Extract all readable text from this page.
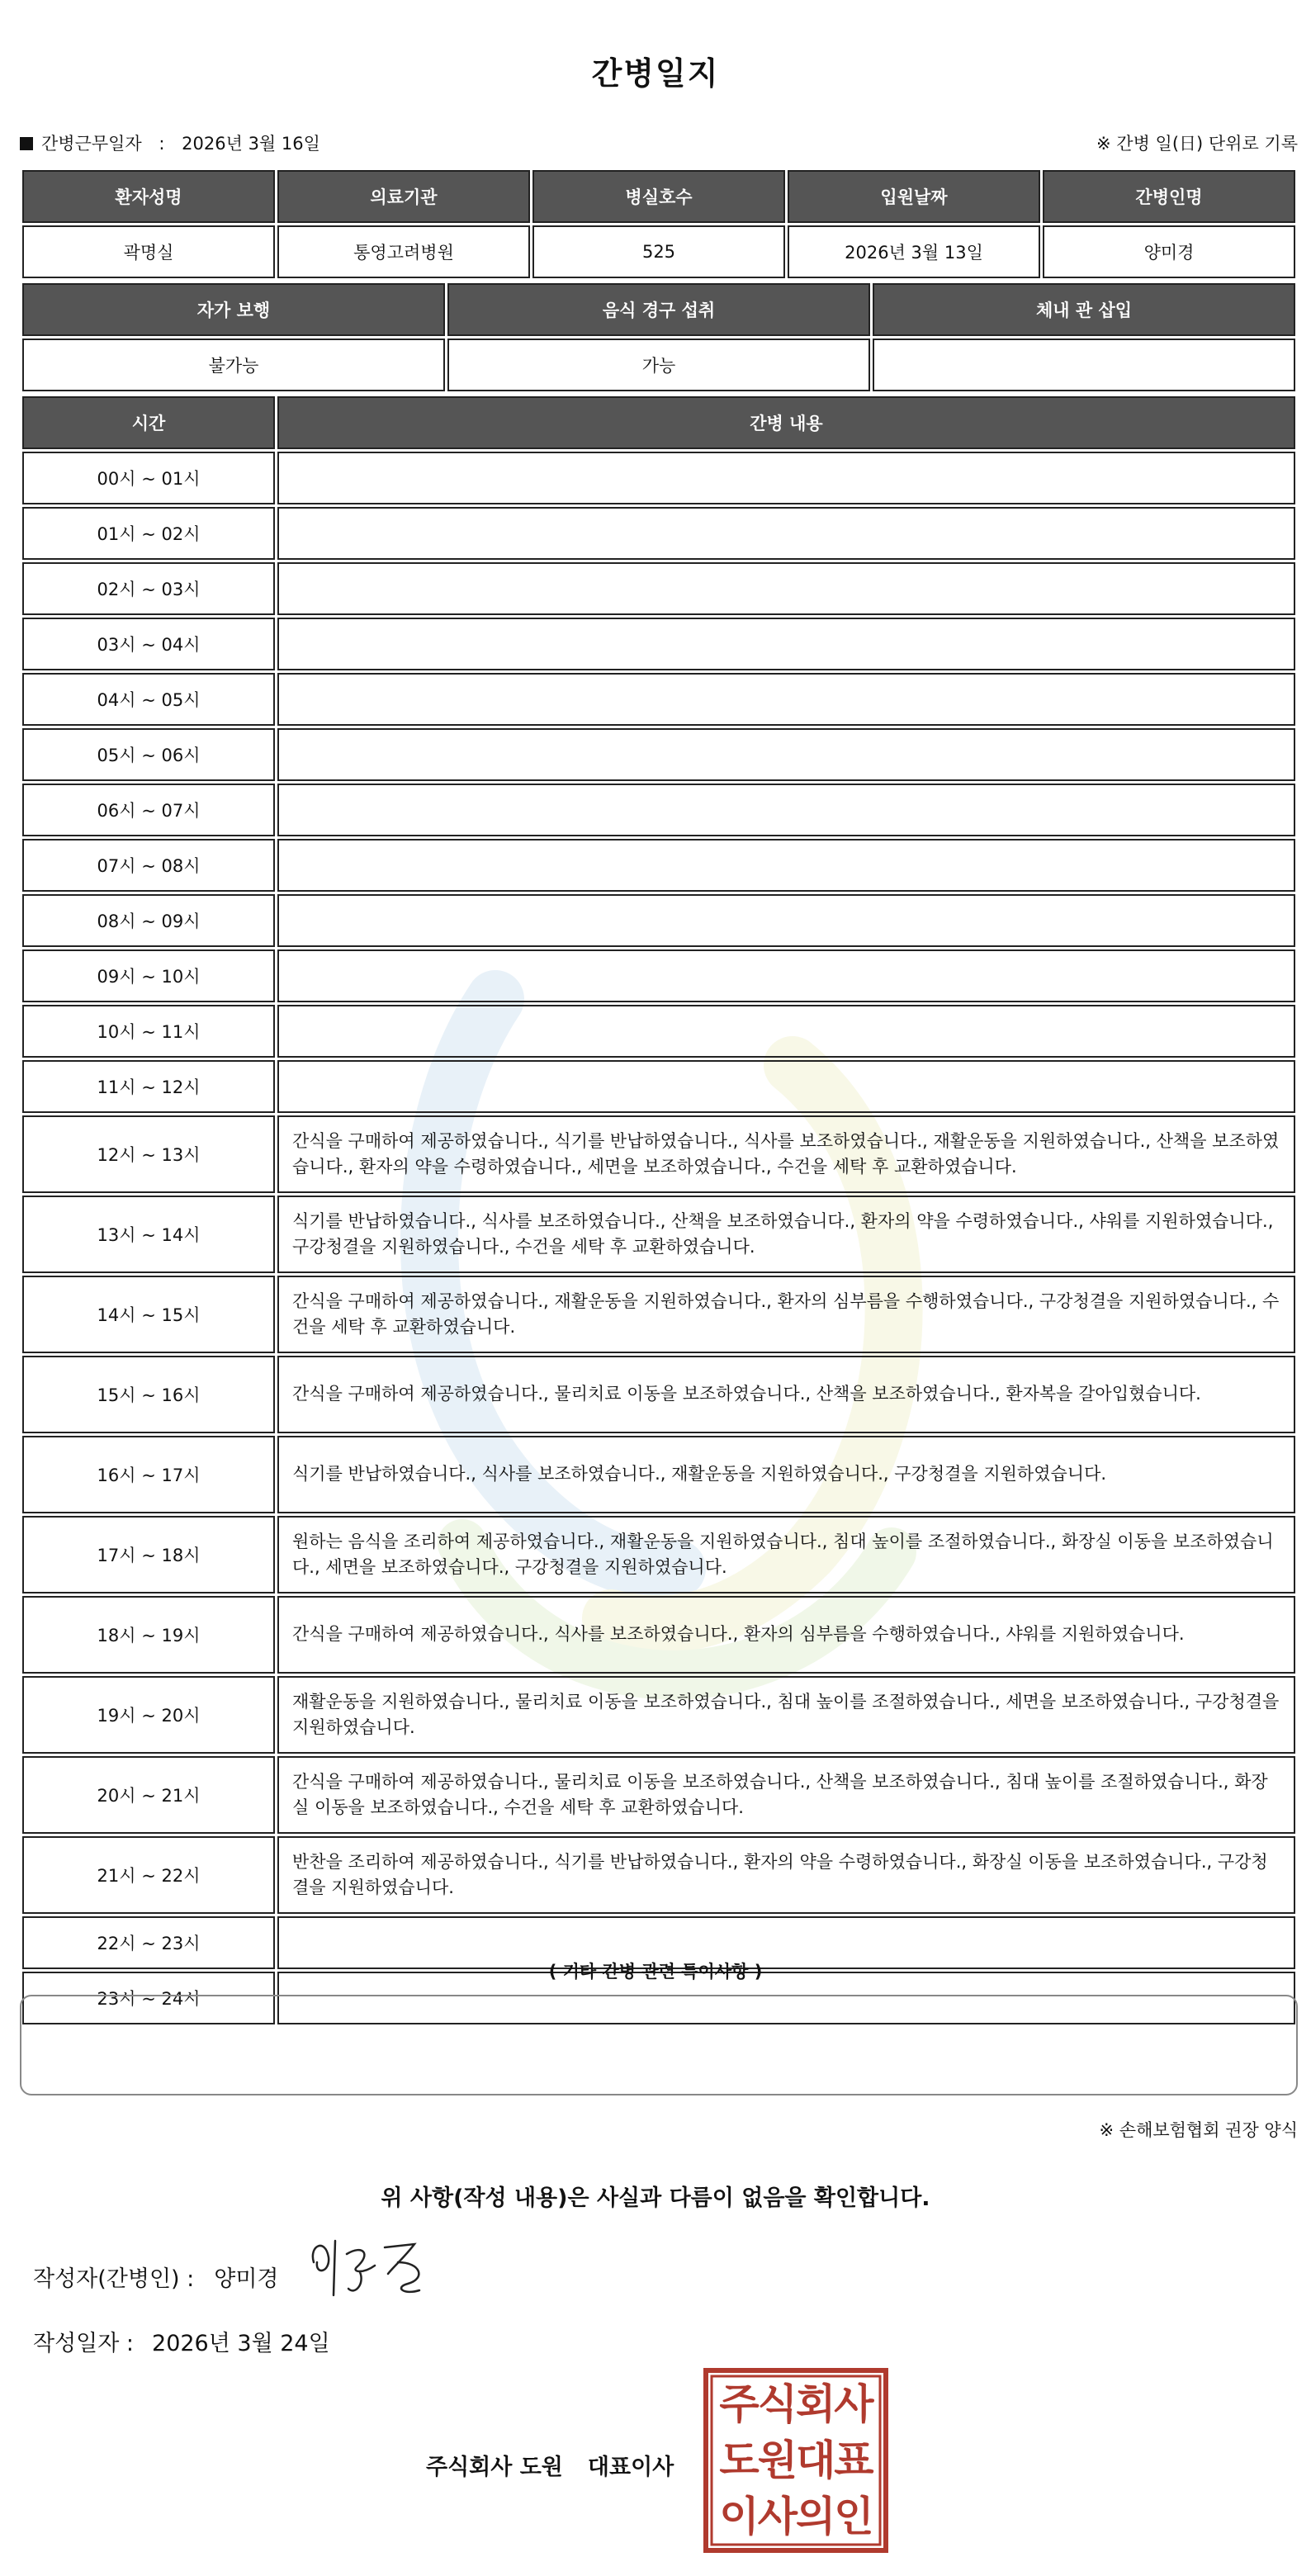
간병일지
간병근무일자 : 2026년 3월 16일	※ 간병 일(日) 단위로 기록
환자성명	의료기관	병실호수	입원날짜	간병인명
곽명실	통영고려병원	525	2026년 3월 13일	양미경
자가 보행	음식 경구 섭취	체내 관 삽입
불가능	가능	
시간	간병 내용
00시 ~ 01시	
01시 ~ 02시	
02시 ~ 03시	
03시 ~ 04시	
04시 ~ 05시	
05시 ~ 06시	
06시 ~ 07시	
07시 ~ 08시	
08시 ~ 09시	
09시 ~ 10시	
10시 ~ 11시	
11시 ~ 12시	
12시 ~ 13시	간식을 구매하여 제공하였습니다., 식기를 반납하였습니다., 식사를 보조하였습니다., 재활운동을 지원하였습니다., 산책을 보조하였습니다., 환자의 약을 수령하였습니다., 세면을 보조하였습니다., 수건을 세탁 후 교환하였습니다.
13시 ~ 14시	식기를 반납하였습니다., 식사를 보조하였습니다., 산책을 보조하였습니다., 환자의 약을 수령하였습니다., 샤워를 지원하였습니다., 구강청결을 지원하였습니다., 수건을 세탁 후 교환하였습니다.
14시 ~ 15시	간식을 구매하여 제공하였습니다., 재활운동을 지원하였습니다., 환자의 심부름을 수행하였습니다., 구강청결을 지원하였습니다., 수건을 세탁 후 교환하였습니다.
15시 ~ 16시	간식을 구매하여 제공하였습니다., 물리치료 이동을 보조하였습니다., 산책을 보조하였습니다., 환자복을 갈아입혔습니다.
16시 ~ 17시	식기를 반납하였습니다., 식사를 보조하였습니다., 재활운동을 지원하였습니다., 구강청결을 지원하였습니다.
17시 ~ 18시	원하는 음식을 조리하여 제공하였습니다., 재활운동을 지원하였습니다., 침대 높이를 조절하였습니다., 화장실 이동을 보조하였습니다., 세면을 보조하였습니다., 구강청결을 지원하였습니다.
18시 ~ 19시	간식을 구매하여 제공하였습니다., 식사를 보조하였습니다., 환자의 심부름을 수행하였습니다., 샤워를 지원하였습니다.
19시 ~ 20시	재활운동을 지원하였습니다., 물리치료 이동을 보조하였습니다., 침대 높이를 조절하였습니다., 세면을 보조하였습니다., 구강청결을 지원하였습니다.
20시 ~ 21시	간식을 구매하여 제공하였습니다., 물리치료 이동을 보조하였습니다., 산책을 보조하였습니다., 침대 높이를 조절하였습니다., 화장실 이동을 보조하였습니다., 수건을 세탁 후 교환하였습니다.
21시 ~ 22시	반찬을 조리하여 제공하였습니다., 식기를 반납하였습니다., 환자의 약을 수령하였습니다., 화장실 이동을 보조하였습니다., 구강청결을 지원하였습니다.
22시 ~ 23시	
23시 ~ 24시	
( 기타 간병 관련 특이사항 )
※ 손해보험협회 권장 양식
위 사항(작성 내용)은 사실과 다름이 없음을 확인합니다.
작성자(간병인) : 양미경
작성일자 : 2026년 3월 24일
주식회사 도원 대표이사
주식회사
도원대표
이사의인
